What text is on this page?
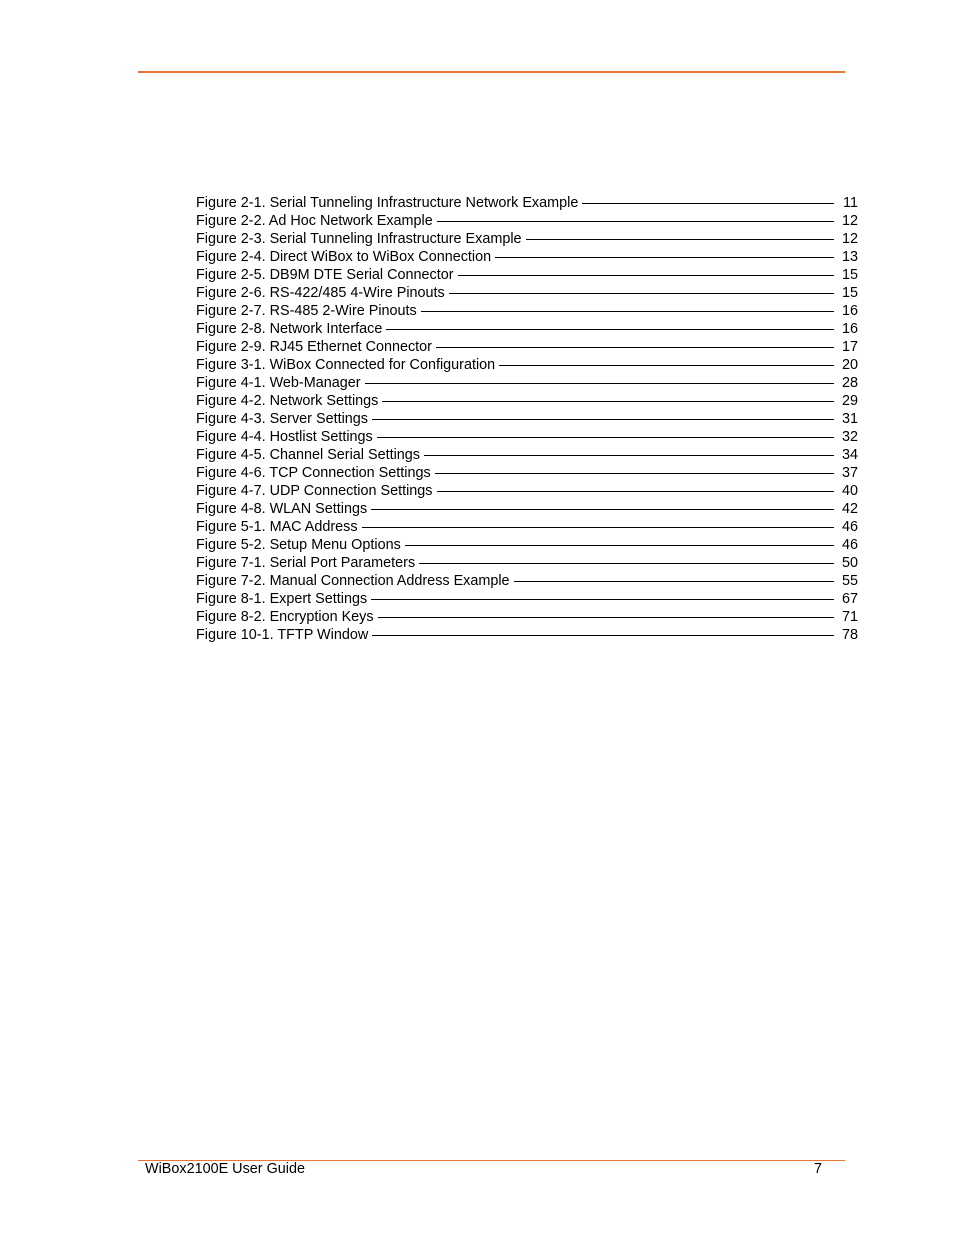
Figure 2-1. Serial Tunneling Infrastructure Network Example	11
Figure 2-2. Ad Hoc Network Example	12
Figure 2-3. Serial Tunneling Infrastructure Example	12
Figure 2-4. Direct WiBox to WiBox Connection	13
Figure 2-5. DB9M DTE Serial Connector	15
Figure 2-6. RS-422/485 4-Wire Pinouts	15
Figure 2-7. RS-485 2-Wire Pinouts	16
Figure 2-8. Network Interface	16
Figure 2-9. RJ45 Ethernet Connector	17
Figure 3-1. WiBox Connected for Configuration	20
Figure 4-1. Web-Manager	28
Figure 4-2. Network Settings	29
Figure 4-3. Server Settings	31
Figure 4-4. Hostlist Settings	32
Figure 4-5. Channel Serial Settings	34
Figure 4-6. TCP Connection Settings	37
Figure 4-7. UDP Connection Settings	40
Figure 4-8. WLAN Settings	42
Figure 5-1. MAC Address	46
Figure 5-2. Setup Menu Options	46
Figure 7-1. Serial Port Parameters	50
Figure 7-2. Manual Connection Address Example	55
Figure 8-1. Expert Settings	67
Figure 8-2. Encryption Keys	71
Figure 10-1. TFTP Window	78
WiBox2100E User Guide	7
